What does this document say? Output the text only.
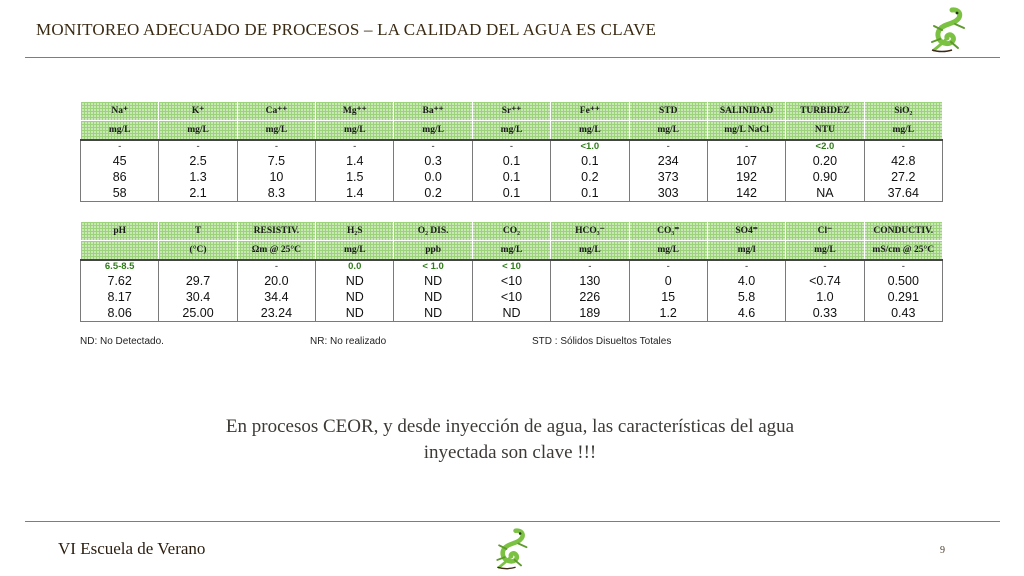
MONITOREO ADECUADO DE PROCESOS – LA CALIDAD DEL AGUA ES CLAVE
Na⁺	K⁺	Ca⁺⁺	Mg⁺⁺	Ba⁺⁺	Sr⁺⁺	Fe⁺⁺	STD	SALINIDAD	TURBIDEZ	SiO₂
mg/L	mg/L	mg/L	mg/L	mg/L	mg/L	mg/L	mg/L	mg/L NaCl	NTU	mg/L
-	-	-	-	-	-	<1.0	-	-	<2.0	-
45	2.5	7.5	1.4	0.3	0.1	0.1	234	107	0.20	42.8
86	1.3	10	1.5	0.0	0.1	0.2	373	192	0.90	27.2
58	2.1	8.3	1.4	0.2	0.1	0.1	303	142	NA	37.64
pH	T	RESISTIV.	H₂S	O₂ DIS.	CO₂	HCO₃⁻	CO₃⁼	SO4⁼	Cl⁻	CONDUCTIV.
	(°C)	Ωm @ 25°C	mg/L	ppb	mg/L	mg/L	mg/L	mg/l	mg/L	mS/cm @ 25°C
6.5-8.5		-	0.0	< 1.0	< 10	-	-	-	-	-
7.62	29.7	20.0	ND	ND	<10	130	0	4.0	<0.74	0.500
8.17	30.4	34.4	ND	ND	<10	226	15	5.8	1.0	0.291
8.06	25.00	23.24	ND	ND	ND	189	1.2	4.6	0.33	0.43
ND: No Detectado.	NR: No realizado	STD : Sólidos Disueltos Totales
En procesos CEOR, y desde inyección de agua, las características del agua
inyectada son clave !!!
VI Escuela de Verano	9
